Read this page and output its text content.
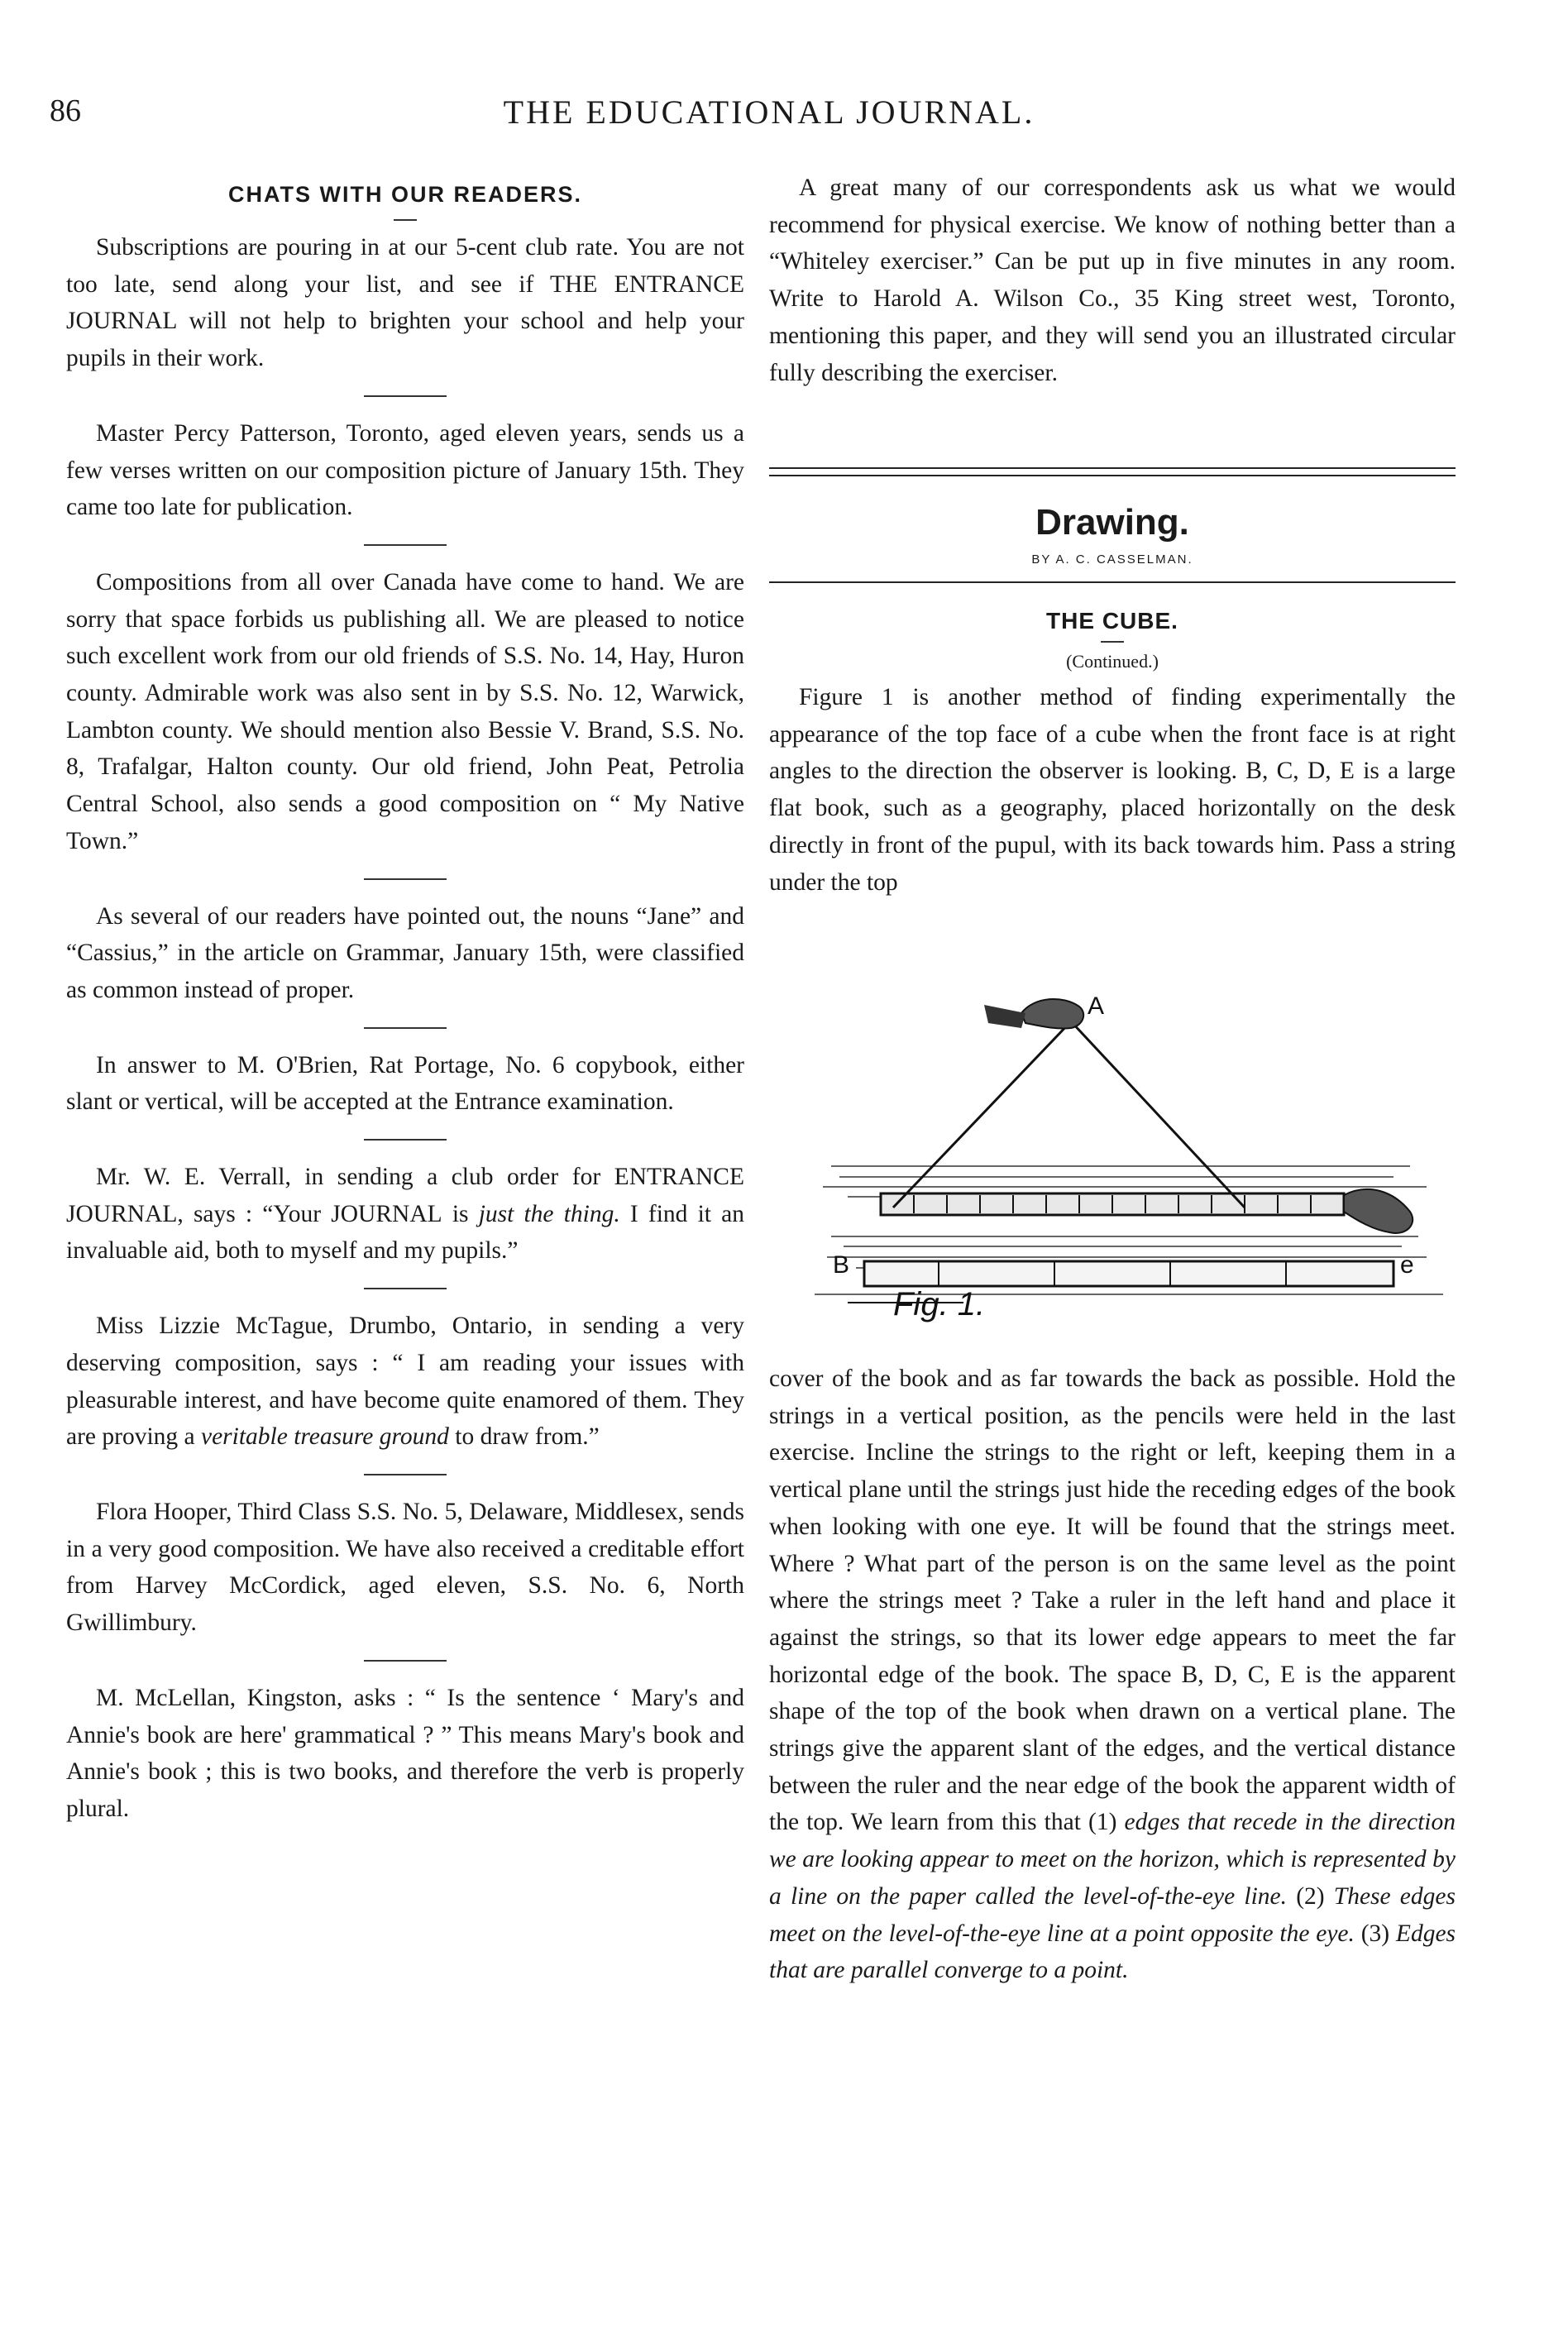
86	THE EDUCATIONAL JOURNAL.
CHATS WITH OUR READERS.

Subscriptions are pouring in at our 5-cent club rate. You are not too late, send along your list, and see if THE ENTRANCE JOURNAL will not help to brighten your school and help your pupils in their work.

Master Percy Patterson, Toronto, aged eleven years, sends us a few verses written on our composition picture of January 15th. They came too late for publication.

Compositions from all over Canada have come to hand. We are sorry that space forbids us publishing all. We are pleased to notice such excellent work from our old friends of S.S. No. 14, Hay, Huron county. Admirable work was also sent in by S.S. No. 12, Warwick, Lambton county. We should mention also Bessie V. Brand, S.S. No. 8, Trafalgar, Halton county. Our old friend, John Peat, Petrolia Central School, also sends a good composition on “ My Native Town.”

As several of our readers have pointed out, the nouns “Jane” and “Cassius,” in the article on Grammar, January 15th, were classified as common instead of proper.

In answer to M. O'Brien, Rat Portage, No. 6 copybook, either slant or vertical, will be accepted at the Entrance examination.

Mr. W. E. Verrall, in sending a club order for ENTRANCE JOURNAL, says : “Your JOURNAL is just the thing. I find it an invaluable aid, both to myself and my pupils.”

Miss Lizzie McTague, Drumbo, Ontario, in sending a very deserving composition, says : “ I am reading your issues with pleasurable interest, and have become quite enamored of them. They are proving a veritable treasure ground to draw from.”

Flora Hooper, Third Class S.S. No. 5, Delaware, Middlesex, sends in a very good composition. We have also received a creditable effort from Harvey McCordick, aged eleven, S.S. No. 6, North Gwillimbury.

M. McLellan, Kingston, asks : “ Is the sentence ‘ Mary's and Annie's book are here' grammatical ? ” This means Mary's book and Annie's book ; this is two books, and therefore the verb is properly plural.

A great many of our correspondents ask us what we would recommend for physical exercise. We know of nothing better than a “Whiteley exerciser.” Can be put up in five minutes in any room. Write to Harold A. Wilson Co., 35 King street west, Toronto, mentioning this paper, and they will send you an illustrated circular fully describing the exerciser.

Drawing.
BY A. C. CASSELMAN.
THE CUBE.
(Continued.)

Figure 1 is another method of finding experimentally the appearance of the top face of a cube when the front face is at right angles to the direction the observer is looking. B, C, D, E is a large flat book, such as a geography, placed horizontally on the desk directly in front of the pupul, with its back towards him. Pass a string under the top

A
B	e
Fig. 1.

cover of the book and as far towards the back as possible. Hold the strings in a vertical position, as the pencils were held in the last exercise. Incline the strings to the right or left, keeping them in a vertical plane until the strings just hide the receding edges of the book when looking with one eye. It will be found that the strings meet. Where ? What part of the person is on the same level as the point where the strings meet ? Take a ruler in the left hand and place it against the strings, so that its lower edge appears to meet the far horizontal edge of the book. The space B, D, C, E is the apparent shape of the top of the book when drawn on a vertical plane. The strings give the apparent slant of the edges, and the vertical distance between the ruler and the near edge of the book the apparent width of the top. We learn from this that (1) edges that recede in the direction we are looking appear to meet on the horizon, which is represented by a line on the paper called the level-of-the-eye line. (2) These edges meet on the level-of-the-eye line at a point opposite the eye. (3) Edges that are parallel converge to a point.
